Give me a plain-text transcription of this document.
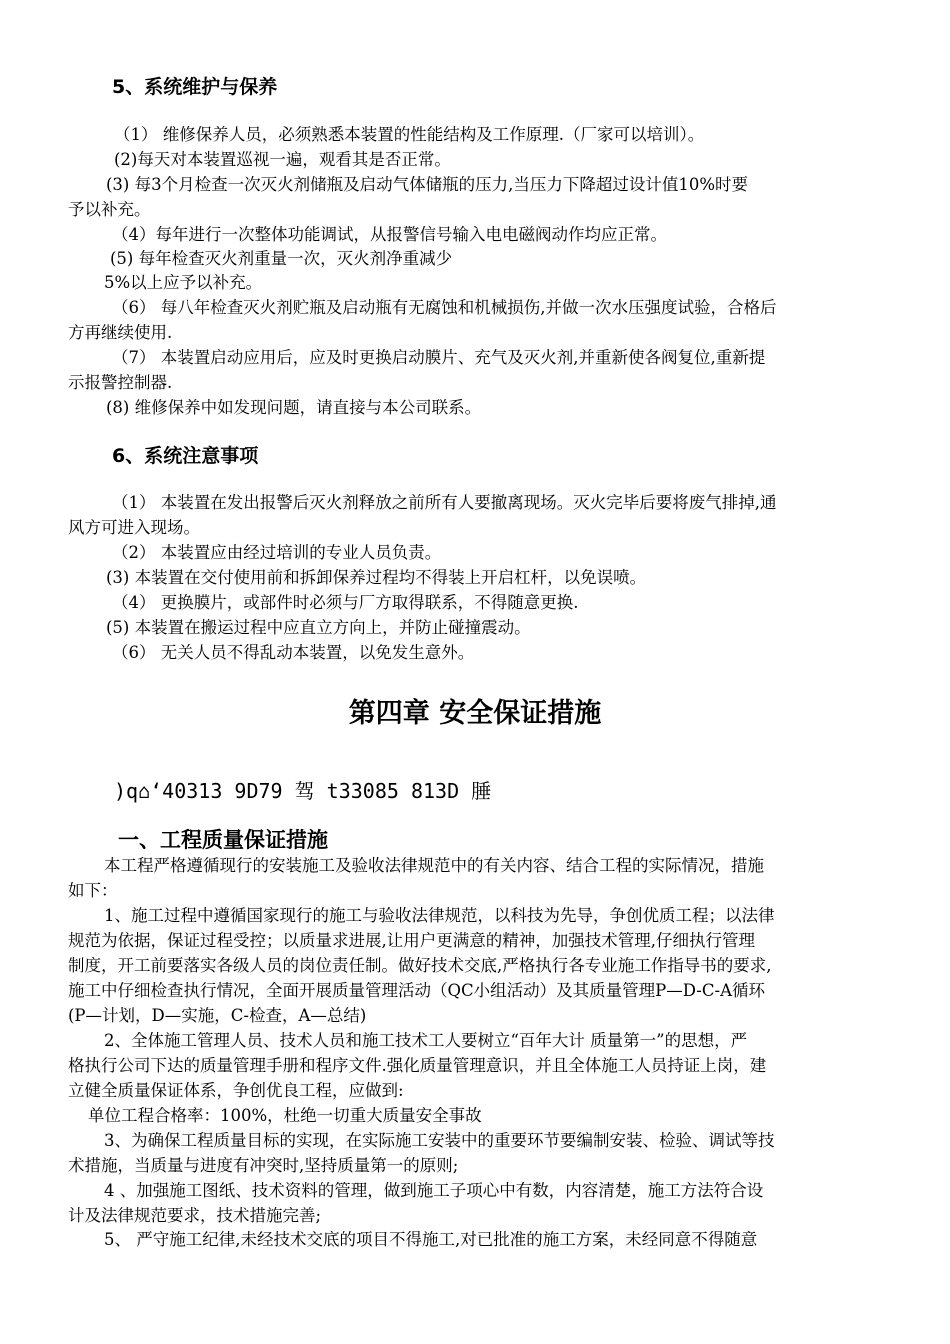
5、系统维护与保养
（1） 维修保养人员，必须熟悉本装置的性能结构及工作原理.（厂家可以培训）。
(2)每天对本装置巡视一遍，观看其是否正常。
(3) 每3个月检查一次灭火剂储瓶及启动气体储瓶的压力,当压力下降超过设计值10%时要
予以补充。
（4）每年进行一次整体功能调试，从报警信号输入电电磁阀动作均应正常。
(5) 每年检查灭火剂重量一次，灭火剂净重减少
5%以上应予以补充。
（6） 每八年检查灭火剂贮瓶及启动瓶有无腐蚀和机械损伤,并做一次水压强度试验，合格后
方再继续使用.
（7） 本装置启动应用后，应及时更换启动膜片、充气及灭火剂,并重新使各阀复位,重新提
示报警控制器.
(8) 维修保养中如发现问题，请直接与本公司联系。
6、系统注意事项
（1） 本装置在发出报警后灭火剂释放之前所有人要撤离现场。灭火完毕后要将废气排掉,通
风方可进入现场。
（2） 本装置应由经过培训的专业人员负责。
(3) 本装置在交付使用前和拆卸保养过程均不得装上开启杠杆，以免误喷。
（4） 更换膜片，或部件时必须与厂方取得联系，不得随意更换.
(5) 本装置在搬运过程中应直立方向上，并防止碰撞震动。
（6） 无关人员不得乱动本装置，以免发生意外。
第四章 安全保证措施
)q⌂‘40313 9D79 驾 t33085 813D 腄
一、工程质量保证措施
本工程严格遵循现行的安装施工及验收法律规范中的有关内容、结合工程的实际情况，措施
如下：
1、施工过程中遵循国家现行的施工与验收法律规范，以科技为先导，争创优质工程；以法律
规范为依据，保证过程受控；以质量求进展,让用户更满意的精神，加强技术管理,仔细执行管理
制度，开工前要落实各级人员的岗位责任制。做好技术交底,严格执行各专业施工作指导书的要求,
施工中仔细检查执行情况，全面开展质量管理活动（QC小组活动）及其质量管理P—D-C-A循环
(P—计划，D—实施，C-检查，A—总结)
2、全体施工管理人员、技术人员和施工技术工人要树立“百年大计 质量第一”的思想，严
格执行公司下达的质量管理手册和程序文件.强化质量管理意识，并且全体施工人员持证上岗，建
立健全质量保证体系，争创优良工程，应做到:
单位工程合格率：100%，杜绝一切重大质量安全事故
3、为确保工程质量目标的实现，在实际施工安装中的重要环节要编制安装、检验、调试等技
术措施，当质量与进度有冲突时,坚持质量第一的原则;
4 、加强施工图纸、技术资料的管理，做到施工子项心中有数，内容清楚，施工方法符合设
计及法律规范要求，技术措施完善;
5、 严守施工纪律,未经技术交底的项目不得施工,对已批准的施工方案，未经同意不得随意
